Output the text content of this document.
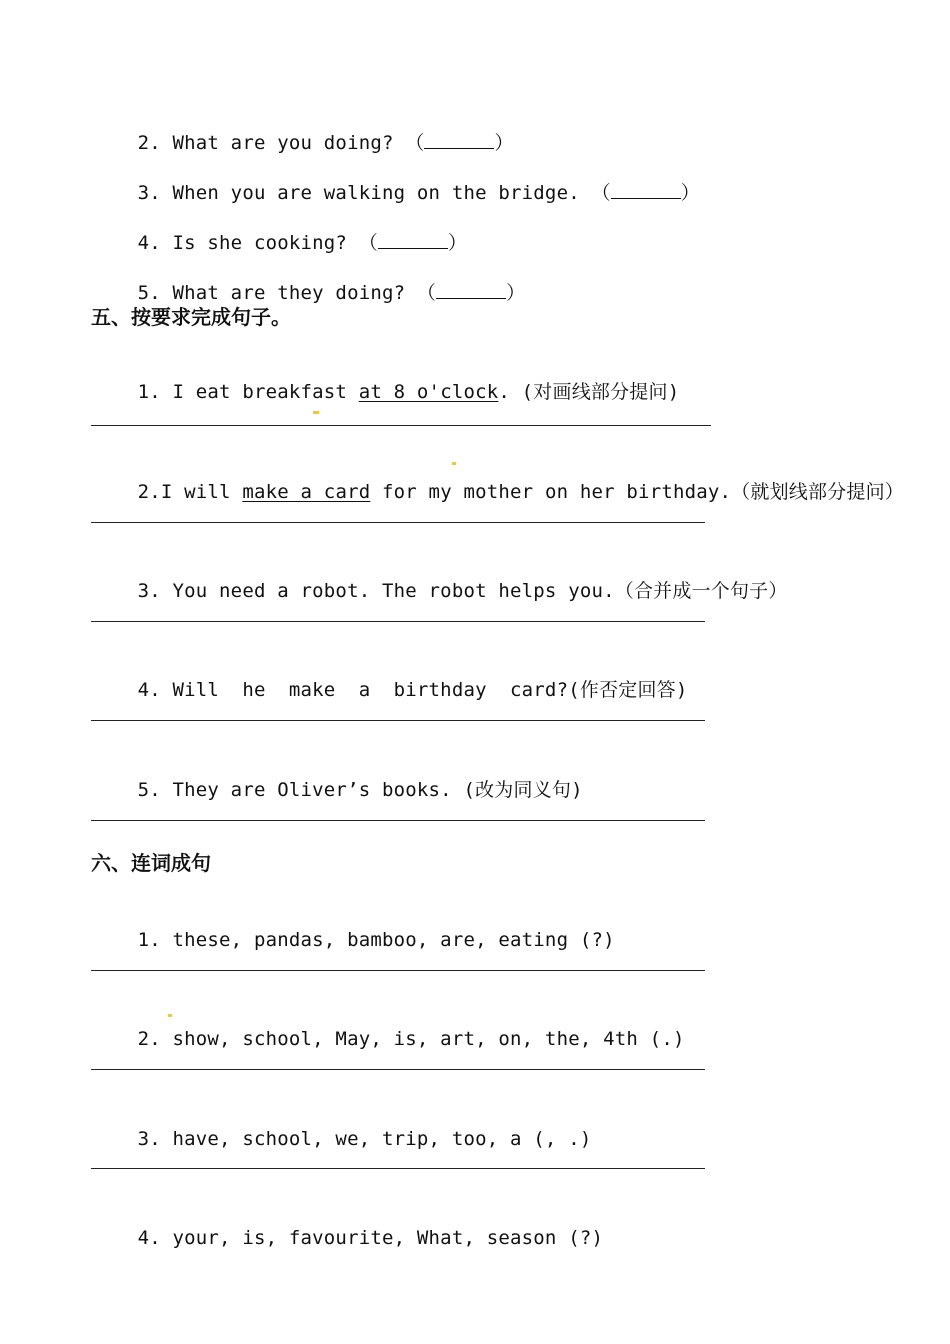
2. What are you doing? （	）

3. When you are walking on the bridge. （	）

4. Is she cooking? （	）

5. What are they doing? （	）

五、按要求完成句子。

1. I eat breakfast at 8 o'clock. (对画线部分提问)

2.I will make a card for my mother on her birthday.（就划线部分提问）

3. You need a robot. The robot helps you.（合并成一个句子）

4. Will  he  make  a  birthday  card?(作否定回答)

5. They are Oliver’s books. (改为同义句)

六、连词成句

1. these, pandas, bamboo, are, eating (?)

2. show, school, May, is, art, on, the, 4th (.)

3. have, school, we, trip, too, a (, .)

4. your, is, favourite, What, season (?)
